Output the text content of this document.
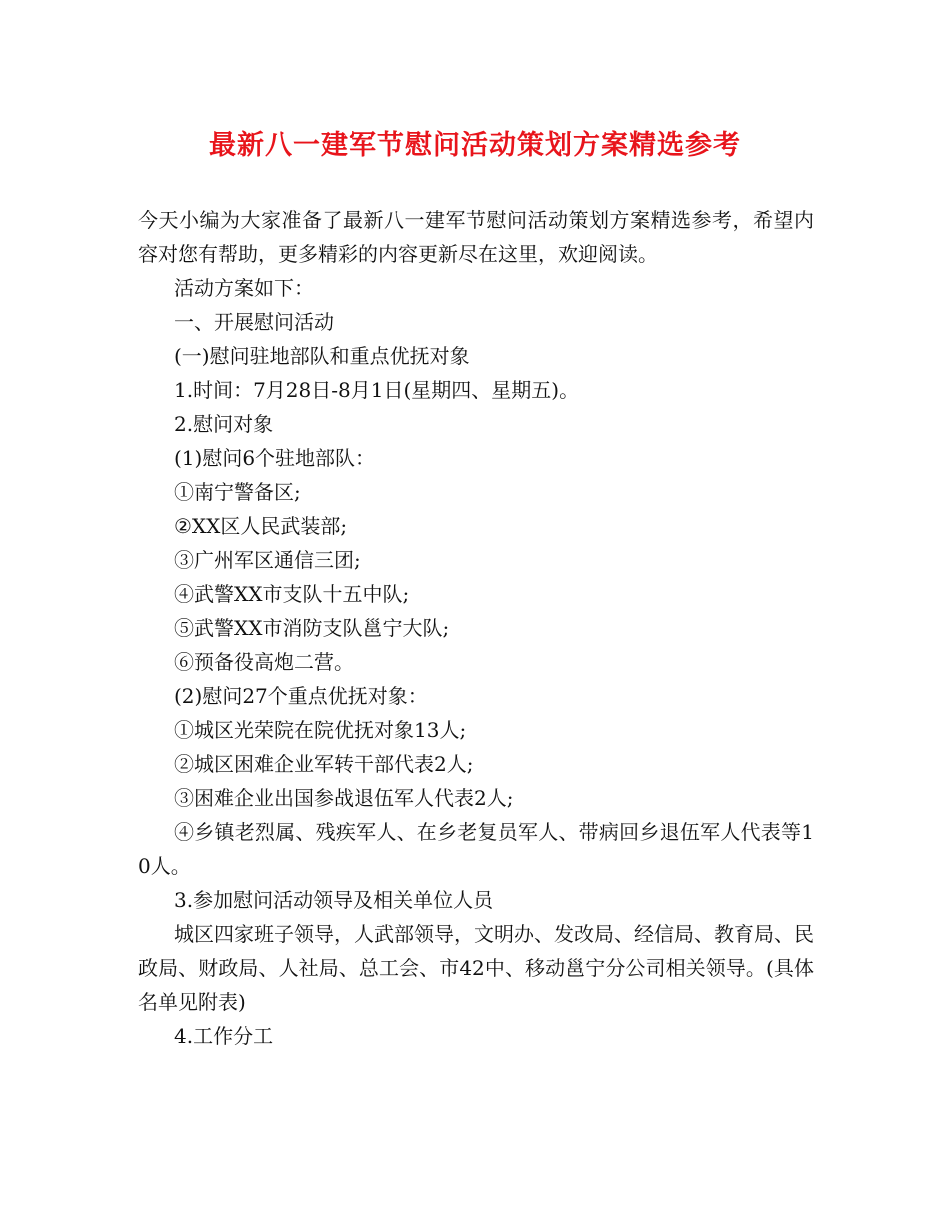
最新八一建军节慰问活动策划方案精选参考

今天小编为大家准备了最新八一建军节慰问活动策划方案精选参考，希望内容对您有帮助，更多精彩的内容更新尽在这里，欢迎阅读。

活动方案如下：

一、开展慰问活动

(一)慰问驻地部队和重点优抚对象

1.时间：7月28日-8月1日(星期四、星期五)。

2.慰问对象

(1)慰问6个驻地部队：

①南宁警备区;

②XX区人民武装部;

③广州军区通信三团;

④武警XX市支队十五中队;

⑤武警XX市消防支队邕宁大队;

⑥预备役高炮二营。

(2)慰问27个重点优抚对象：

①城区光荣院在院优抚对象13人;

②城区困难企业军转干部代表2人;

③困难企业出国参战退伍军人代表2人;

④乡镇老烈属、残疾军人、在乡老复员军人、带病回乡退伍军人代表等10人。

3.参加慰问活动领导及相关单位人员

城区四家班子领导，人武部领导，文明办、发改局、经信局、教育局、民政局、财政局、人社局、总工会、市42中、移动邕宁分公司相关领导。(具体名单见附表)

4.工作分工
